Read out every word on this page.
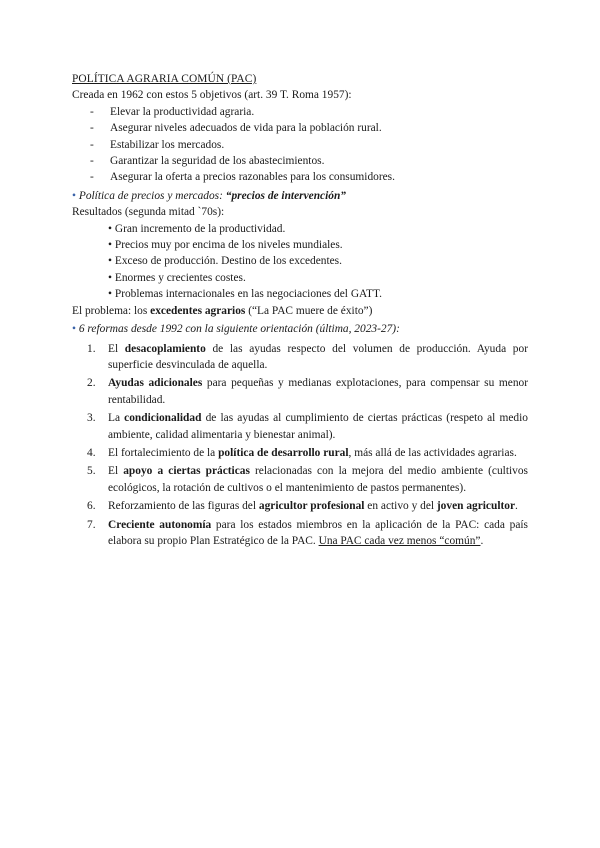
POLÍTICA AGRARIA COMÚN (PAC)
Creada en 1962 con estos 5 objetivos (art. 39 T. Roma 1957):
- Elevar la productividad agraria.
- Asegurar niveles adecuados de vida para la población rural.
- Estabilizar los mercados.
- Garantizar la seguridad de los abastecimientos.
- Asegurar la oferta a precios razonables para los consumidores.
• Política de precios y mercados: “precios de intervención”
Resultados (segunda mitad `70s):
• Gran incremento de la productividad.
• Precios muy por encima de los niveles mundiales.
• Exceso de producción. Destino de los excedentes.
• Enormes y crecientes costes.
• Problemas internacionales en las negociaciones del GATT.
El problema: los excedentes agrarios (“La PAC muere de éxito”)
• 6 reformas desde 1992 con la siguiente orientación (última, 2023-27):
1. El desacoplamiento de las ayudas respecto del volumen de producción. Ayuda por superficie desvinculada de aquella.
2. Ayudas adicionales para pequeñas y medianas explotaciones, para compensar su menor rentabilidad.
3. La condicionalidad de las ayudas al cumplimiento de ciertas prácticas (respeto al medio ambiente, calidad alimentaria y bienestar animal).
4. El fortalecimiento de la política de desarrollo rural, más allá de las actividades agrarias.
5. El apoyo a ciertas prácticas relacionadas con la mejora del medio ambiente (cultivos ecológicos, la rotación de cultivos o el mantenimiento de pastos permanentes).
6. Reforzamiento de las figuras del agricultor profesional en activo y del joven agricultor.
7. Creciente autonomía para los estados miembros en la aplicación de la PAC: cada país elabora su propio Plan Estratégico de la PAC. Una PAC cada vez menos “común”.
